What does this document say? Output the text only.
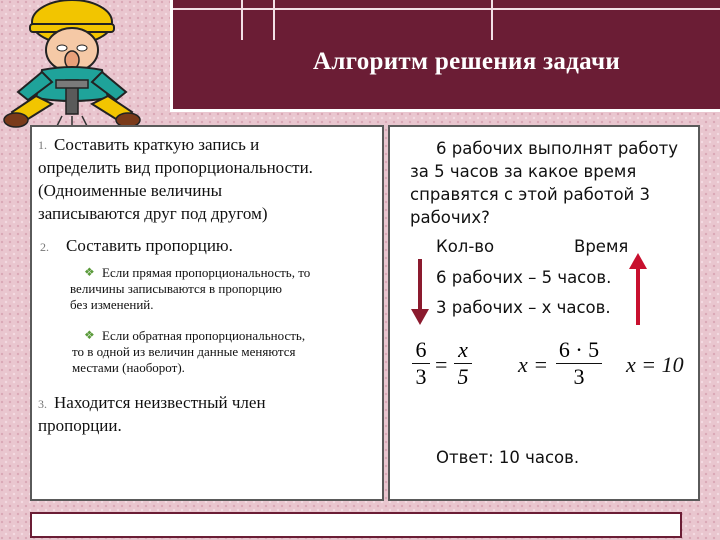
Алгоритм решения задачи
1. Составить краткую запись и
определить вид пропорциональности.
(Одноименные величины
записываются друг под другом)
2. Составить пропорцию.
❖ Если прямая пропорциональность, то
величины записываются в пропорцию
без изменений.
❖ Если обратная пропорциональность,
то в одной из величин данные меняются
местами (наоборот).
3. Находится неизвестный член
пропорции.
6 рабочих выполнят работу
за 5 часов за какое время
справятся с этой работой 3
рабочих?
Кол-во	Время
6 рабочих – 5 часов.
3 рабочих – х часов.
6
3 =
x
5 x =
6 · 5
3	x = 10
Ответ: 10 часов.
